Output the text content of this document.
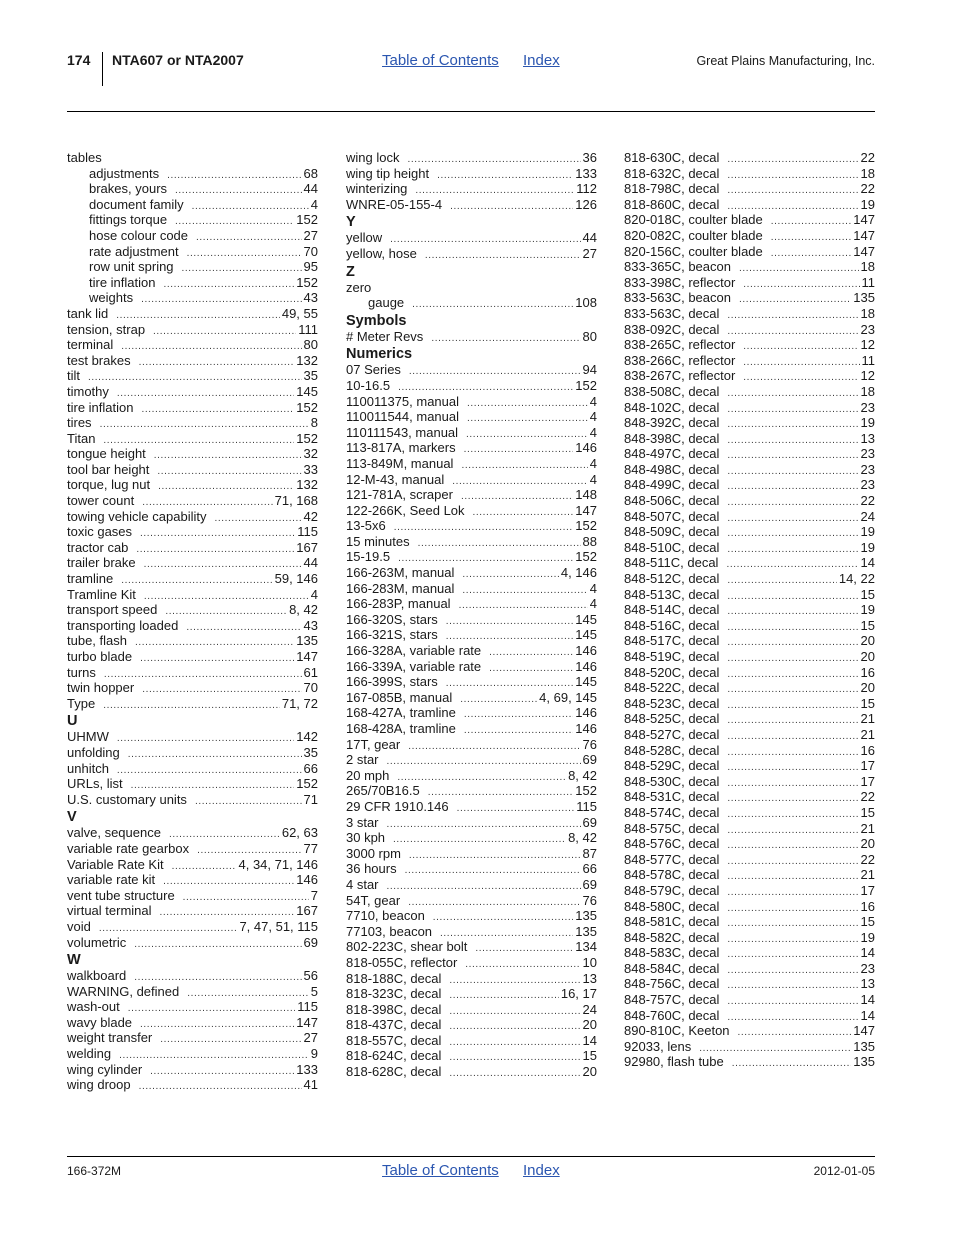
174 NTA607 or NTA2007	Table of Contents Index	Great Plains Manufacturing, Inc.
tables
adjustments .....	68
brakes, yours .....	44
document family .....	4
fittings torque .....	152
hose colour code .....	27
rate adjustment .....	70
row unit spring .....	95
tire inflation .....	152
weights .....	43
tank lid .....	49, 55
tension, strap .....	111
terminal .....	80
test brakes .....	132
tilt .....	35
timothy .....	145
tire inflation .....	152
tires .....	8
Titan .....	152
tongue height .....	32
tool bar height .....	33
torque, lug nut .....	132
tower count .....	71, 168
towing vehicle capability .....	42
toxic gases .....	115
tractor cab .....	167
trailer brake .....	44
tramline .....	59, 146
Tramline Kit .....	4
transport speed .....	8, 42
transporting loaded .....	43
tube, flash .....	135
turbo blade .....	147
turns .....	61
twin hopper .....	70
Type .....	71, 72
U
UHMW .....	142
unfolding .....	35
unhitch .....	66
URLs, list .....	152
U.S. customary units .....	71
V
valve, sequence .....	62, 63
variable rate gearbox .....	77
Variable Rate Kit .....	4, 34, 71, 146
variable rate kit .....	146
vent tube structure .....	7
virtual terminal .....	167
void .....	7, 47, 51, 115
volumetric .....	69
W
walkboard .....	56
WARNING, defined .....	5
wash-out .....	115
wavy blade .....	147
weight transfer .....	27
welding .....	9
wing cylinder .....	133
wing droop .....	41
wing lock .....	36
wing tip height .....	133
winterizing .....	112
WNRE-05-155-4 .....	126
Y
yellow .....	44
yellow, hose .....	27
Z
zero
gauge .....	108
Symbols
# Meter Revs .....	80
Numerics
07 Series .....	94
10-16.5 .....	152
110011375, manual .....	4
110011544, manual .....	4
110111543, manual .....	4
113-817A, markers .....	146
113-849M, manual .....	4
12-M-43, manual .....	4
121-781A, scraper .....	148
122-266K, Seed Lok .....	147
13-5x6 .....	152
15 minutes .....	88
15-19.5 .....	152
166-263M, manual .....	4, 146
166-283M, manual .....	4
166-283P, manual .....	4
166-320S, stars .....	145
166-321S, stars .....	145
166-328A, variable rate .....	146
166-339A, variable rate .....	146
166-399S, stars .....	145
167-085B, manual .....	4, 69, 145
168-427A, tramline .....	146
168-428A, tramline .....	146
17T, gear .....	76
2 star .....	69
20 mph .....	8, 42
265/70B16.5 .....	152
29 CFR 1910.146 .....	115
3 star .....	69
30 kph .....	8, 42
3000 rpm .....	87
36 hours .....	66
4 star .....	69
54T, gear .....	76
7710, beacon .....	135
77103, beacon .....	135
802-223C, shear bolt .....	134
818-055C, reflector .....	10
818-188C, decal .....	13
818-323C, decal .....	16, 17
818-398C, decal .....	24
818-437C, decal .....	20
818-557C, decal .....	14
818-624C, decal .....	15
818-628C, decal .....	20
818-630C, decal .....	22
818-632C, decal .....	18
818-798C, decal .....	22
818-860C, decal .....	19
820-018C, coulter blade .....	147
820-082C, coulter blade .....	147
820-156C, coulter blade .....	147
833-365C, beacon .....	18
833-398C, reflector .....	11
833-563C, beacon .....	135
833-563C, decal .....	18
838-092C, decal .....	23
838-265C, reflector .....	12
838-266C, reflector .....	11
838-267C, reflector .....	12
838-508C, decal .....	18
848-102C, decal .....	23
848-392C, decal .....	19
848-398C, decal .....	13
848-497C, decal .....	23
848-498C, decal .....	23
848-499C, decal .....	23
848-506C, decal .....	22
848-507C, decal .....	24
848-509C, decal .....	19
848-510C, decal .....	19
848-511C, decal .....	14
848-512C, decal .....	14, 22
848-513C, decal .....	15
848-514C, decal .....	19
848-516C, decal .....	15
848-517C, decal .....	20
848-519C, decal .....	20
848-520C, decal .....	16
848-522C, decal .....	20
848-523C, decal .....	15
848-525C, decal .....	21
848-527C, decal .....	21
848-528C, decal .....	16
848-529C, decal .....	17
848-530C, decal .....	17
848-531C, decal .....	22
848-574C, decal .....	15
848-575C, decal .....	21
848-576C, decal .....	20
848-577C, decal .....	22
848-578C, decal .....	21
848-579C, decal .....	17
848-580C, decal .....	16
848-581C, decal .....	15
848-582C, decal .....	19
848-583C, decal .....	14
848-584C, decal .....	23
848-756C, decal .....	13
848-757C, decal .....	14
848-760C, decal .....	14
890-810C, Keeton .....	147
92033, lens .....	135
92980, flash tube .....	135
166-372M	Table of Contents Index	2012-01-05
